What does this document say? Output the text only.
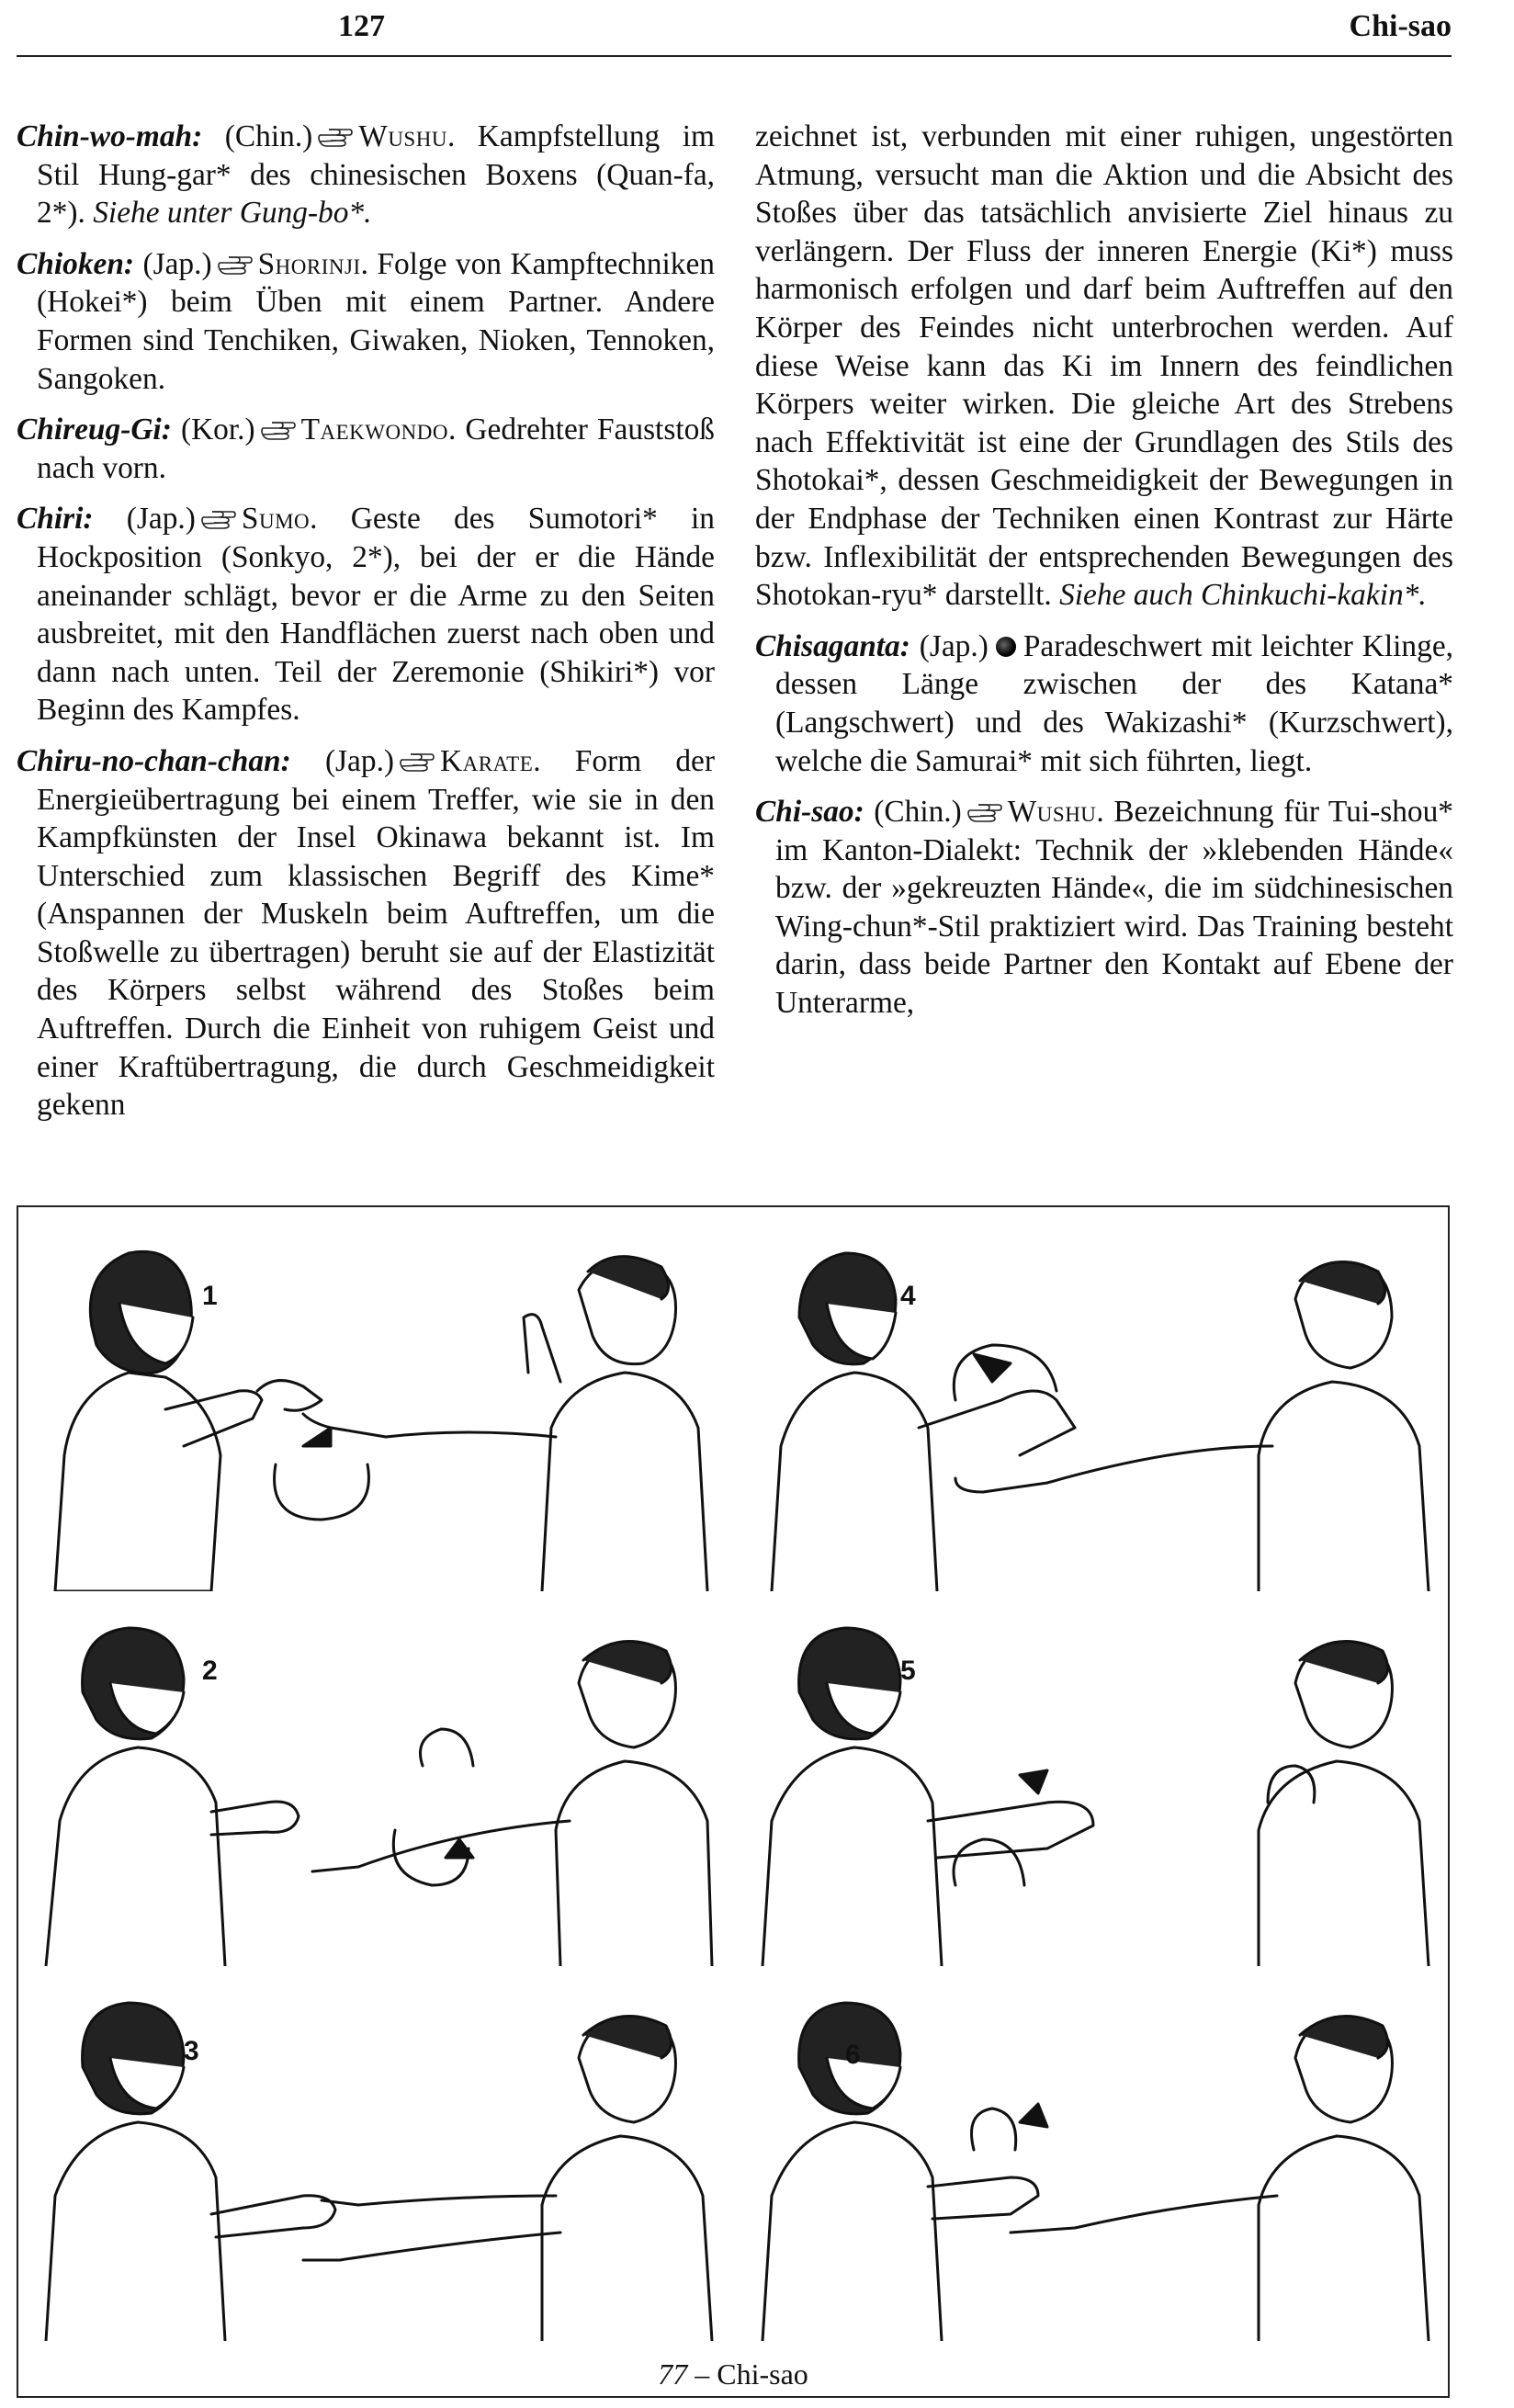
127	Chi-sao

Chin-wo-mah: (Chin.) Wushu. Kampfstellung im Stil Hung-gar* des chinesischen Boxens (Quan-fa, 2*). Siehe unter Gung-bo*.

Chioken: (Jap.) Shorinji. Folge von Kampftechniken (Hokei*) beim Üben mit einem Partner. Andere Formen sind Tenchiken, Giwaken, Nioken, Tennoken, Sangoken.

Chireug-Gi: (Kor.) Taekwondo. Gedrehter Fauststoß nach vorn.

Chiri: (Jap.) Sumo. Geste des Sumotori* in Hockposition (Sonkyo, 2*), bei der er die Hände aneinander schlägt, bevor er die Arme zu den Seiten ausbreitet, mit den Handflächen zuerst nach oben und dann nach unten. Teil der Zeremonie (Shikiri*) vor Beginn des Kampfes.

Chiru-no-chan-chan: (Jap.) Karate. Form der Energieübertragung bei einem Treffer, wie sie in den Kampfkünsten der Insel Okinawa bekannt ist. Im Unterschied zum klassischen Begriff des Kime* (Anspannen der Muskeln beim Auftreffen, um die Stoßwelle zu übertragen) beruht sie auf der Elastizität des Körpers selbst während des Stoßes beim Auftreffen. Durch die Einheit von ruhigem Geist und einer Kraftübertragung, die durch Geschmeidigkeit gekenn

zeichnet ist, verbunden mit einer ruhigen, ungestörten Atmung, versucht man die Aktion und die Absicht des Stoßes über das tatsächlich anvisierte Ziel hinaus zu verlängern. Der Fluss der inneren Energie (Ki*) muss harmonisch erfolgen und darf beim Auftreffen auf den Körper des Feindes nicht unterbrochen werden. Auf diese Weise kann das Ki im Innern des feindlichen Körpers weiter wirken. Die gleiche Art des Strebens nach Effektivität ist eine der Grundlagen des Stils des Shotokai*, dessen Geschmeidigkeit der Bewegungen in der Endphase der Techniken einen Kontrast zur Härte bzw. Inflexibilität der entsprechenden Bewegungen des Shotokan-ryu* darstellt. Siehe auch Chinkuchi-kakin*.

Chisaganta: (Jap.) Paradeschwert mit leichter Klinge, dessen Länge zwischen der des Katana* (Langschwert) und des Wakizashi* (Kurzschwert), welche die Samurai* mit sich führten, liegt.

Chi-sao: (Chin.) Wushu. Bezeichnung für Tui-shou* im Kanton-Dialekt: Technik der »klebenden Hände« bzw. der »gekreuzten Hände«, die im südchinesischen Wing-chun*-Stil praktiziert wird. Das Training besteht darin, dass beide Partner den Kontakt auf Ebene der Unterarme,

1	4
2	5
3	6
77 – Chi-sao
